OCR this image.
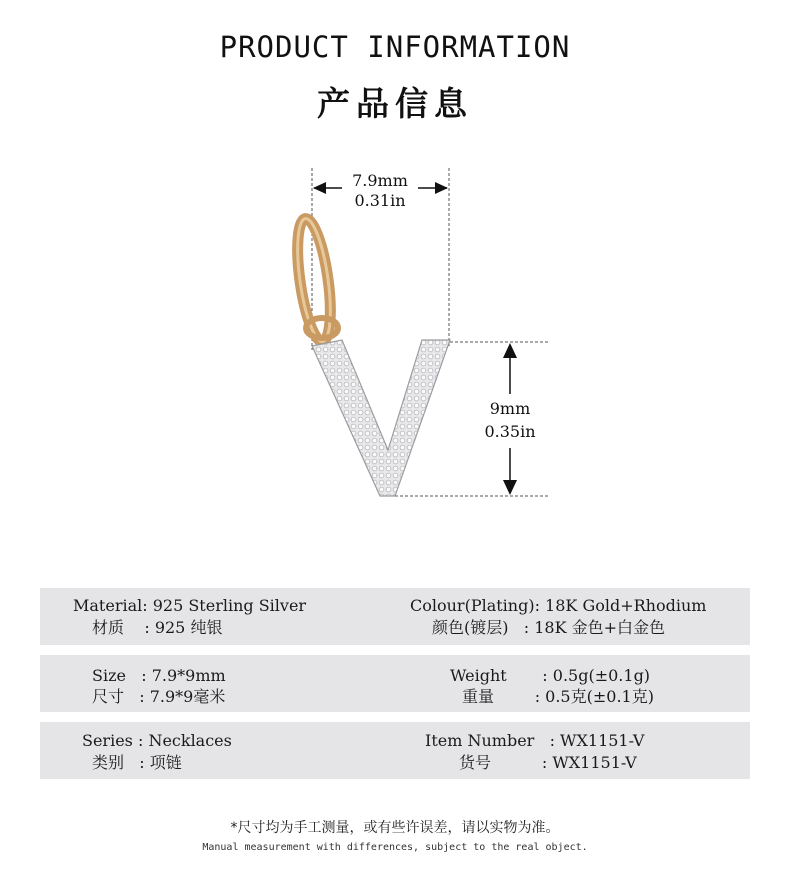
PRODUCT INFORMATION
产品信息
7.9mm
0.31in
9mm
0.35in
Material: 925 Sterling Silver
材质    : 925 纯银
Colour(Plating): 18K Gold+Rhodium
颜色(镀层)   : 18K 金色+白金色
Size   : 7.9*9mm
尺寸   : 7.9*9毫米
Weight       : 0.5g(±0.1g)
重量        : 0.5克(±0.1克)
Series : Necklaces
类别   : 项链
Item Number   : WX1151-V
货号          : WX1151-V
*尺寸均为手工测量，或有些许误差，请以实物为准。
Manual measurement with differences, subject to the real object.
